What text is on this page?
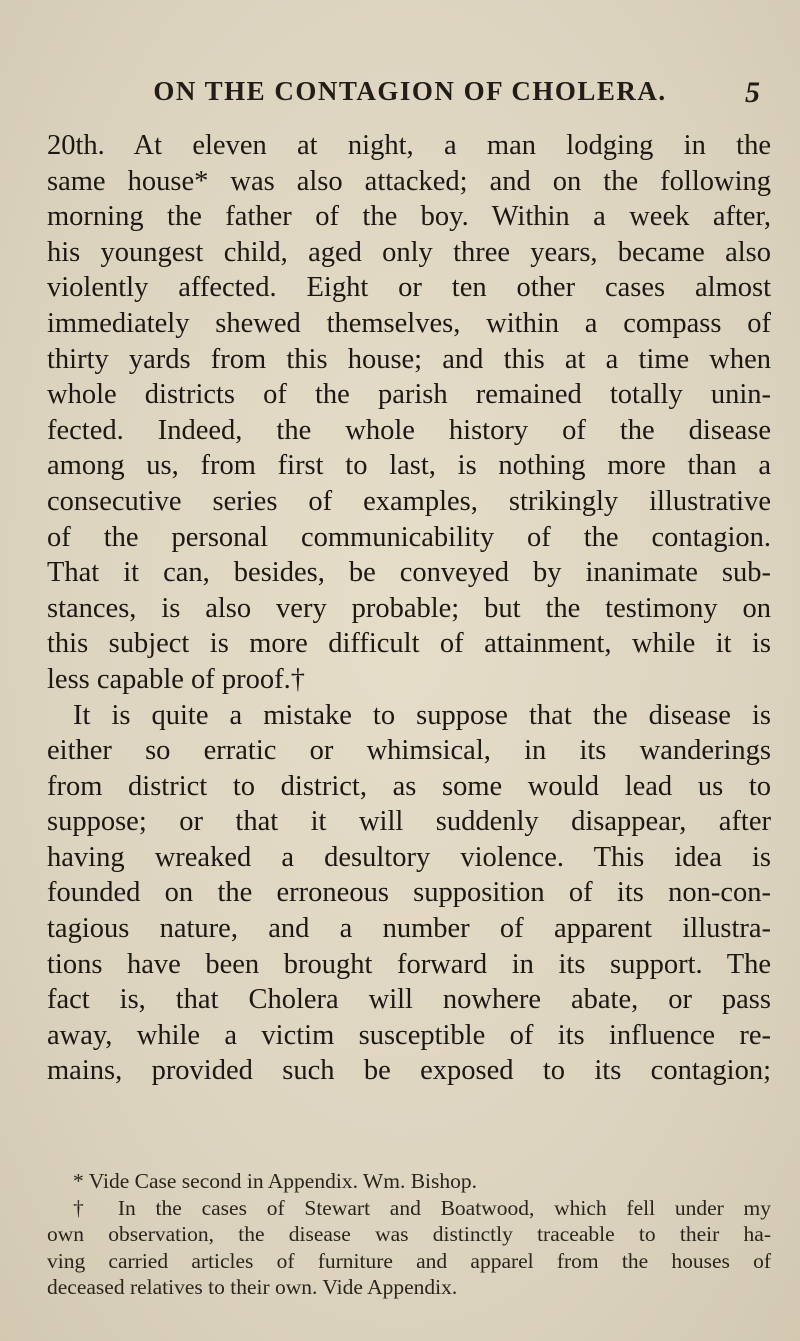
ON THE CONTAGION OF CHOLERA.	5
20th. At eleven at night, a man lodging in the
same house* was also attacked; and on the following
morning the father of the boy. Within a week after,
his youngest child, aged only three years, became also
violently affected. Eight or ten other cases almost
immediately shewed themselves, within a compass of
thirty yards from this house; and this at a time when
whole districts of the parish remained totally unin-
fected. Indeed, the whole history of the disease
among us, from first to last, is nothing more than a
consecutive series of examples, strikingly illustrative
of the personal communicability of the contagion.
That it can, besides, be conveyed by inanimate sub-
stances, is also very probable; but the testimony on
this subject is more difficult of attainment, while it is
less capable of proof.†
It is quite a mistake to suppose that the disease is
either so erratic or whimsical, in its wanderings
from district to district, as some would lead us to
suppose; or that it will suddenly disappear, after
having wreaked a desultory violence. This idea is
founded on the erroneous supposition of its non-con-
tagious nature, and a number of apparent illustra-
tions have been brought forward in its support. The
fact is, that Cholera will nowhere abate, or pass
away, while a victim susceptible of its influence re-
mains, provided such be exposed to its contagion;
* Vide Case second in Appendix. Wm. Bishop.
† In the cases of Stewart and Boatwood, which fell under my
own observation, the disease was distinctly traceable to their ha-
ving carried articles of furniture and apparel from the houses of
deceased relatives to their own. Vide Appendix.
